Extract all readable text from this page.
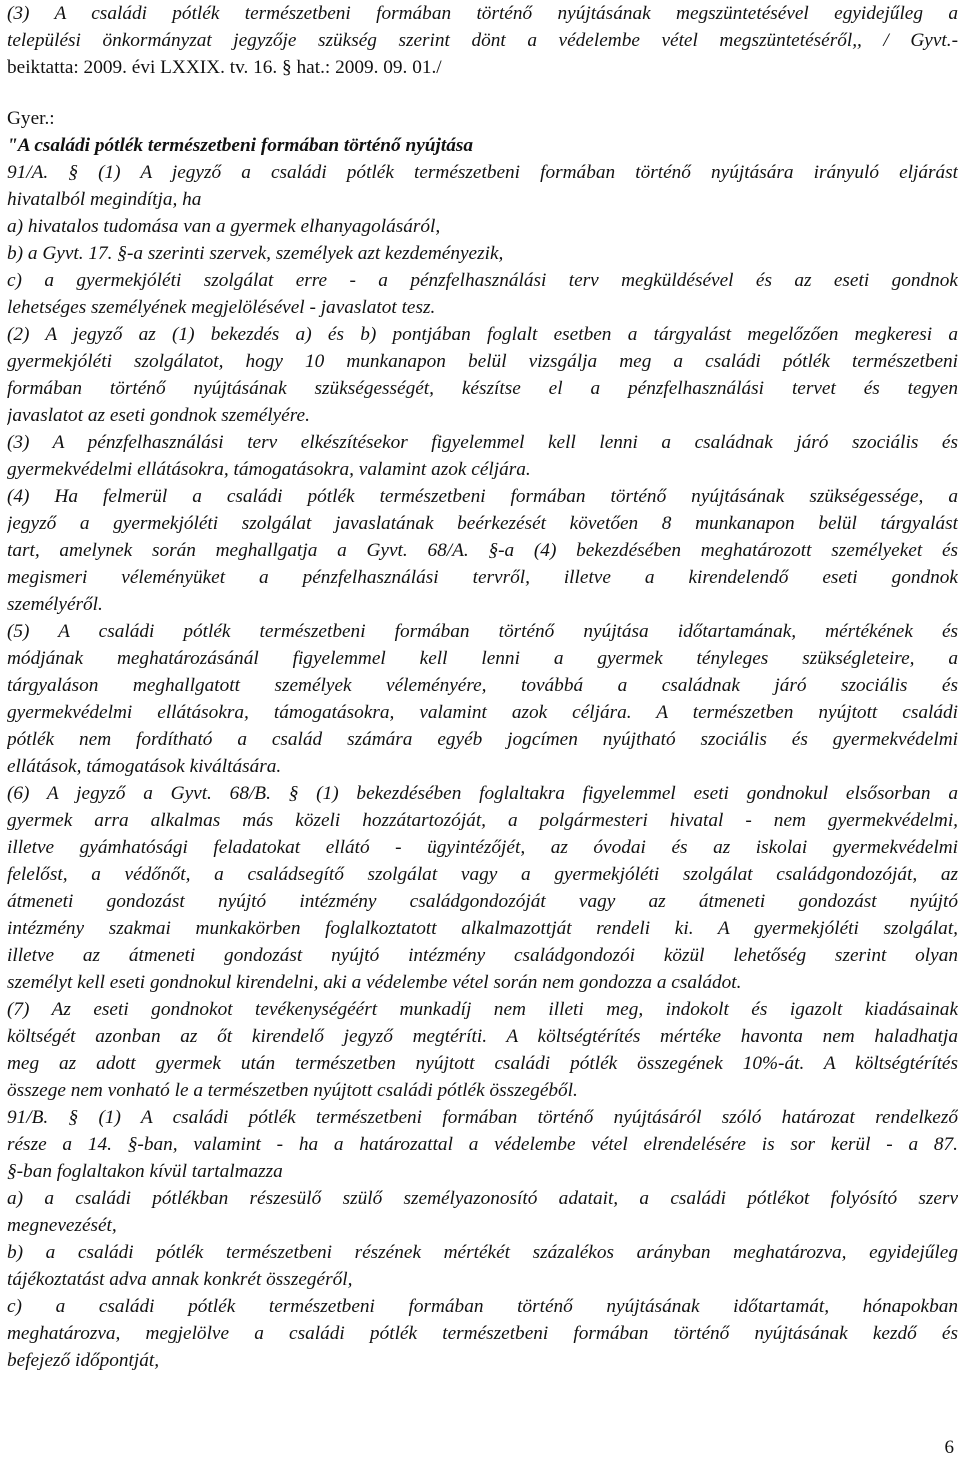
(3) A családi pótlék természetbeni formában történő nyújtásának megszüntetésével egyidejűleg a
települési önkormányzat jegyzője szükség szerint dönt a védelembe vétel megszüntetéséről,, / Gyvt.-
beiktatta: 2009. évi LXXIX. tv. 16. § hat.: 2009. 09. 01./
Gyer.:
"A családi pótlék természetbeni formában történő nyújtása
91/A. § (1) A jegyző a családi pótlék természetbeni formában történő nyújtására irányuló eljárást
hivatalból megindítja, ha
a) hivatalos tudomása van a gyermek elhanyagolásáról,
b) a Gyvt. 17. §-a szerinti szervek, személyek azt kezdeményezik,
c) a gyermekjóléti szolgálat erre - a pénzfelhasználási terv megküldésével és az eseti gondnok
lehetséges személyének megjelölésével - javaslatot tesz.
(2) A jegyző az (1) bekezdés a) és b) pontjában foglalt esetben a tárgyalást megelőzően megkeresi a
gyermekjóléti szolgálatot, hogy 10 munkanapon belül vizsgálja meg a családi pótlék természetbeni
formában történő nyújtásának szükségességét, készítse el a pénzfelhasználási tervet és tegyen
javaslatot az eseti gondnok személyére.
(3) A pénzfelhasználási terv elkészítésekor figyelemmel kell lenni a családnak járó szociális és
gyermekvédelmi ellátásokra, támogatásokra, valamint azok céljára.
(4) Ha felmerül a családi pótlék természetbeni formában történő nyújtásának szükségessége, a
jegyző a gyermekjóléti szolgálat javaslatának beérkezését követően 8 munkanapon belül tárgyalást
tart, amelynek során meghallgatja a Gyvt. 68/A. §-a (4) bekezdésében meghatározott személyeket és
megismeri véleményüket a pénzfelhasználási tervről, illetve a kirendelendő eseti gondnok
személyéről.
(5) A családi pótlék természetbeni formában történő nyújtása időtartamának, mértékének és
módjának meghatározásánál figyelemmel kell lenni a gyermek tényleges szükségleteire, a
tárgyaláson meghallgatott személyek véleményére, továbbá a családnak járó szociális és
gyermekvédelmi ellátásokra, támogatásokra, valamint azok céljára. A természetben nyújtott családi
pótlék nem fordítható a család számára egyéb jogcímen nyújtható szociális és gyermekvédelmi
ellátások, támogatások kiváltására.
(6) A jegyző a Gyvt. 68/B. § (1) bekezdésében foglaltakra figyelemmel eseti gondnokul elsősorban a
gyermek arra alkalmas más közeli hozzátartozóját, a polgármesteri hivatal - nem gyermekvédelmi,
illetve gyámhatósági feladatokat ellátó - ügyintézőjét, az óvodai és az iskolai gyermekvédelmi
felelőst, a védőnőt, a családsegítő szolgálat vagy a gyermekjóléti szolgálat családgondozóját, az
átmeneti gondozást nyújtó intézmény családgondozóját vagy az átmeneti gondozást nyújtó
intézmény szakmai munkakörben foglalkoztatott alkalmazottját rendeli ki. A gyermekjóléti szolgálat,
illetve az átmeneti gondozást nyújtó intézmény családgondozói közül lehetőség szerint olyan
személyt kell eseti gondnokul kirendelni, aki a védelembe vétel során nem gondozza a családot.
(7) Az eseti gondnokot tevékenységéért munkadíj nem illeti meg, indokolt és igazolt kiadásainak
költségét azonban az őt kirendelő jegyző megtéríti. A költségtérítés mértéke havonta nem haladhatja
meg az adott gyermek után természetben nyújtott családi pótlék összegének 10%-át. A költségtérítés
összege nem vonható le a természetben nyújtott családi pótlék összegéből.
91/B. § (1) A családi pótlék természetbeni formában történő nyújtásáról szóló határozat rendelkező
része a 14. §-ban, valamint - ha a határozattal a védelembe vétel elrendelésére is sor kerül - a 87.
§-ban foglaltakon kívül tartalmazza
a) a családi pótlékban részesülő szülő személyazonosító adatait, a családi pótlékot folyósító szerv
megnevezését,
b) a családi pótlék természetbeni részének mértékét százalékos arányban meghatározva, egyidejűleg
tájékoztatást adva annak konkrét összegéről,
c) a családi pótlék természetbeni formában történő nyújtásának időtartamát, hónapokban
meghatározva, megjelölve a családi pótlék természetbeni formában történő nyújtásának kezdő és
befejező időpontját,
6
